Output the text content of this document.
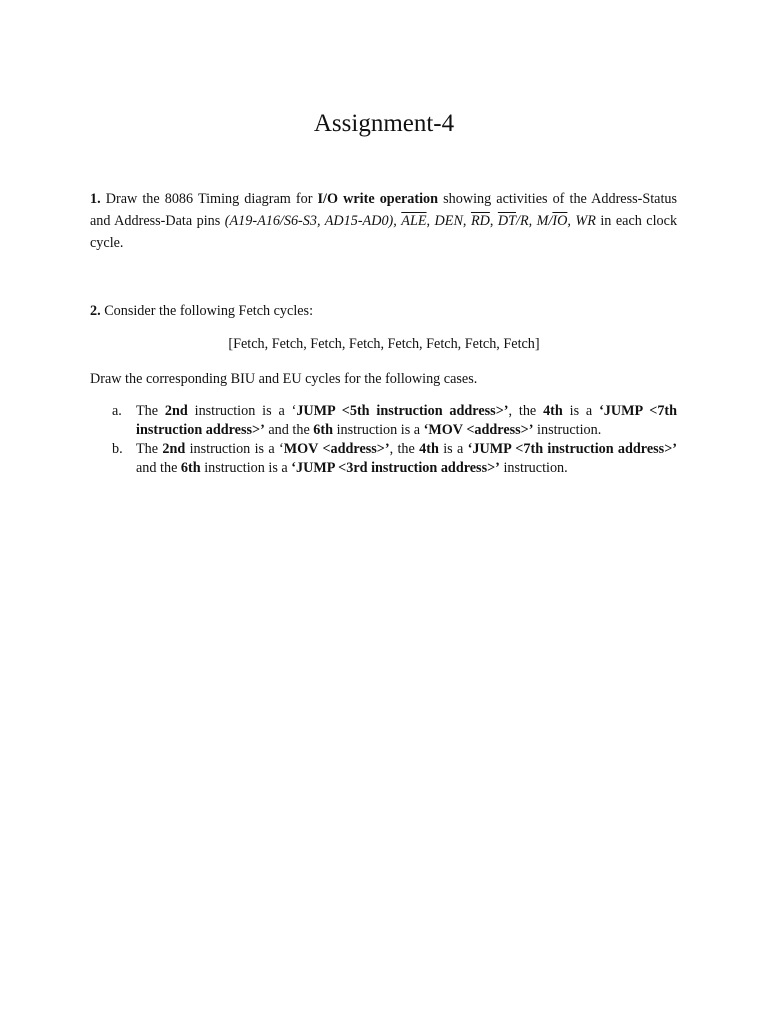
Assignment-4
1. Draw the 8086 Timing diagram for I/O write operation showing activities of the Address-Status and Address-Data pins (A19-A16/S6-S3, AD15-AD0), $\overline{ALE}$, DEN, $\overline{RD}$, $\overline{DT}/R$, $M/\overline{IO}$, WR in each clock cycle.
2. Consider the following Fetch cycles:
[Fetch, Fetch, Fetch, Fetch, Fetch, Fetch, Fetch, Fetch]
Draw the corresponding BIU and EU cycles for the following cases.
a. The 2nd instruction is a ‘JUMP <5th instruction address>’, the 4th is a ‘JUMP <7th instruction address>’ and the 6th instruction is a ‘MOV <address>’ instruction.
b. The 2nd instruction is a ‘MOV <address>’, the 4th is a ‘JUMP <7th instruction address>’ and the 6th instruction is a ‘JUMP <3rd instruction address>’ instruction.
